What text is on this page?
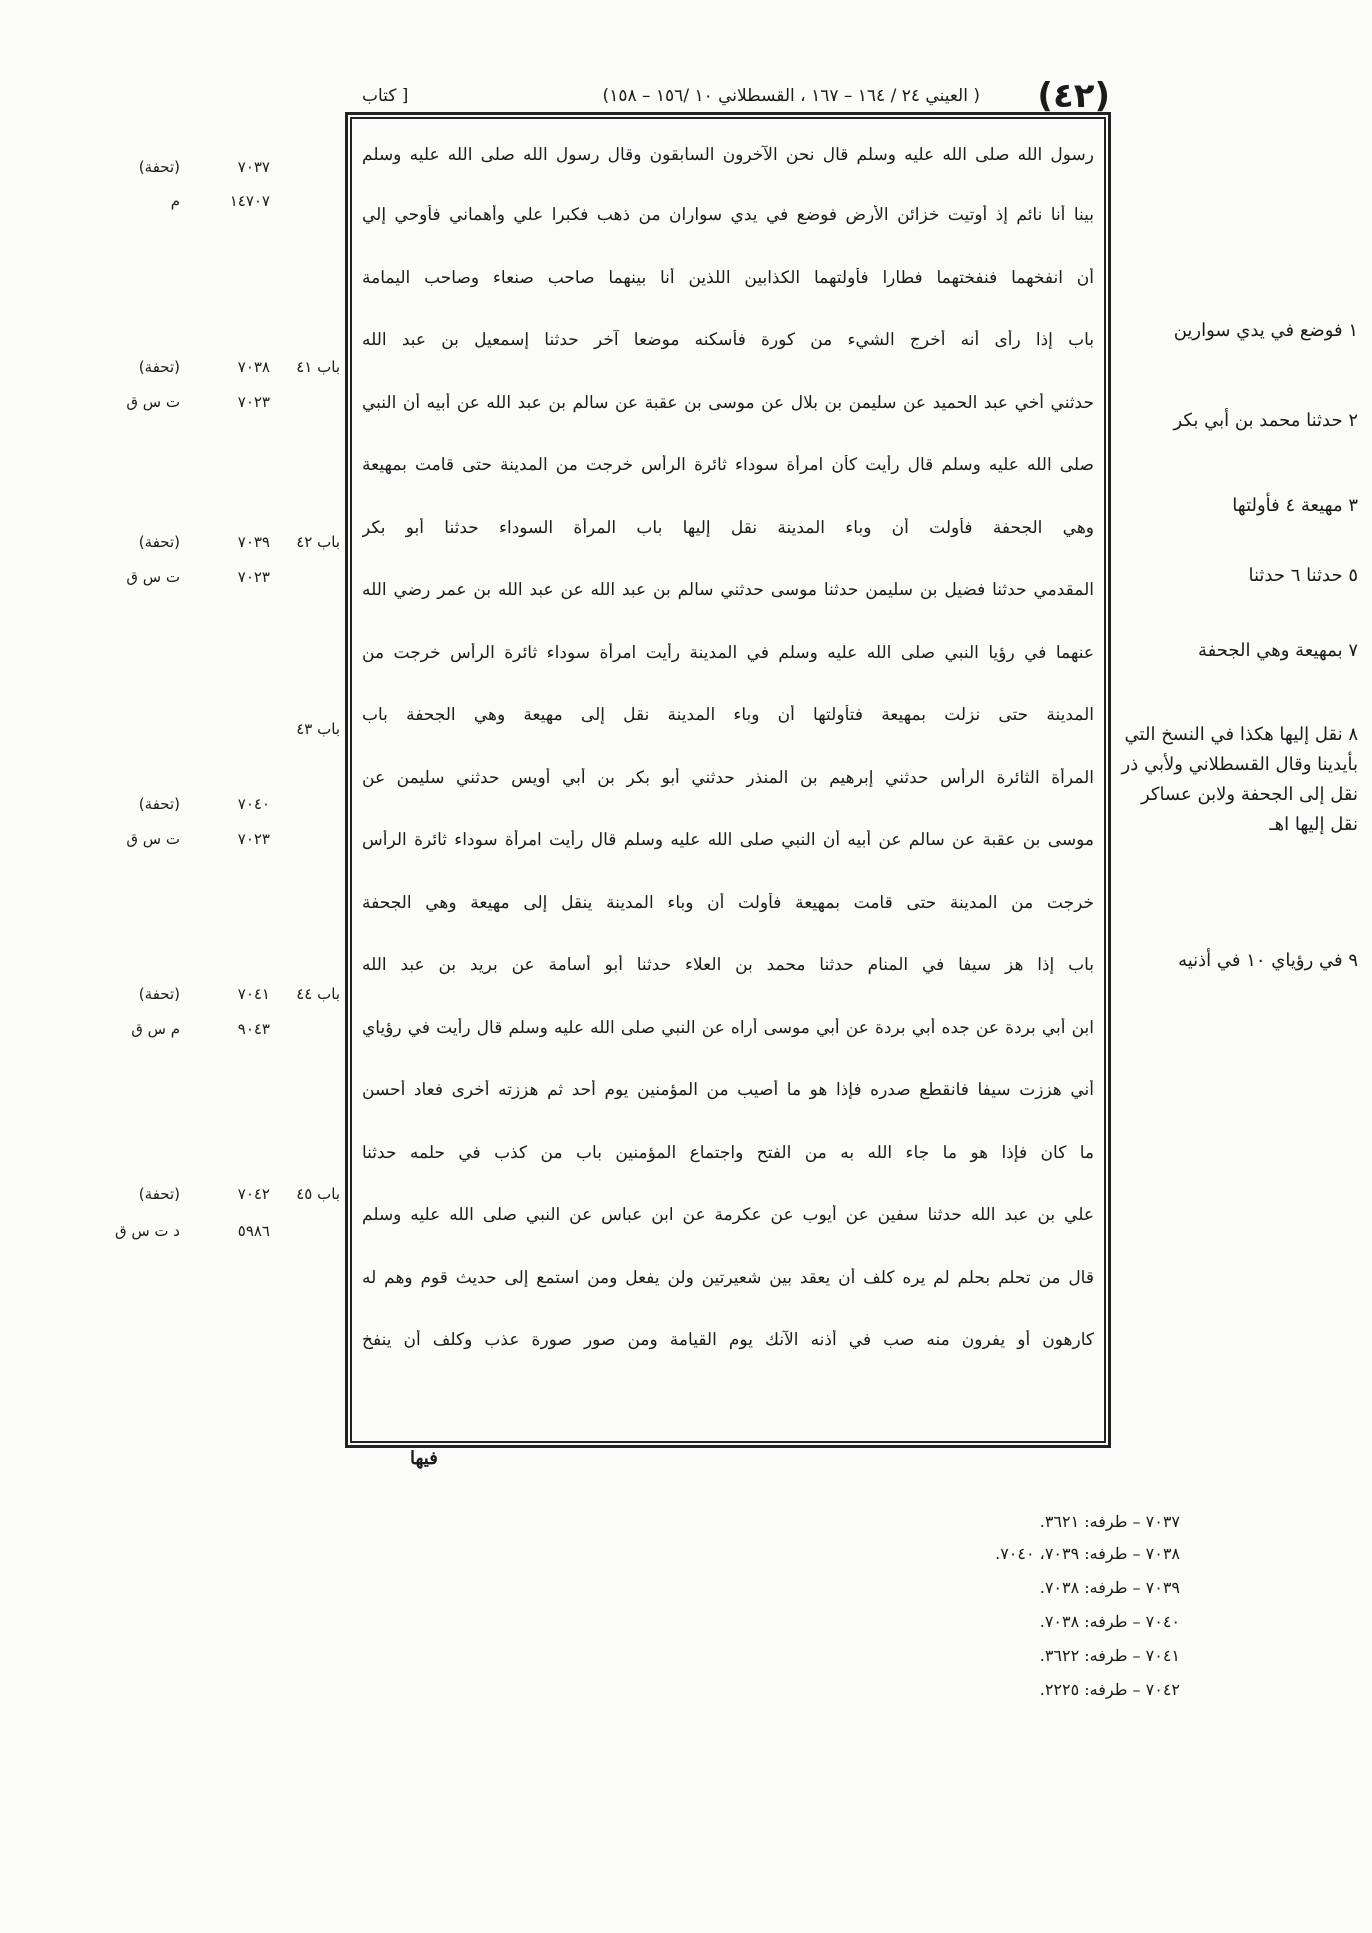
(٤٢)
( العيني ٢٤ / ١٦٤ – ١٦٧ ، القسطلاني ١٠ /١٥٦ – ١٥٨)
[ كتاب
رسول الله صلى الله عليه وسلم قال نحن الآخرون السابقون وقال رسول الله صلى الله عليه وسلم
بينا أنا نائم إذ أوتيت خزائن الأرض فوضع في يدي سواران من ذهب فكبرا علي وأهماني فأوحي إلي
أن انفخهما فنفختهما فطارا فأولتهما الكذابين اللذين أنا بينهما صاحب صنعاء وصاحب اليمامة
باب إذا رأى أنه أخرج الشيء من كورة فأسكنه موضعا آخر حدثنا إسمعيل بن عبد الله
حدثني أخي عبد الحميد عن سليمن بن بلال عن موسى بن عقبة عن سالم بن عبد الله عن أبيه أن النبي
صلى الله عليه وسلم قال رأيت كأن امرأة سوداء ثائرة الرأس خرجت من المدينة حتى قامت بمهيعة
وهي الجحفة فأولت أن وباء المدينة نقل إليها باب المرأة السوداء حدثنا أبو بكر
المقدمي حدثنا فضيل بن سليمن حدثنا موسى حدثني سالم بن عبد الله عن عبد الله بن عمر رضي الله
عنهما في رؤيا النبي صلى الله عليه وسلم في المدينة رأيت امرأة سوداء ثائرة الرأس خرجت من
المدينة حتى نزلت بمهيعة فتأولتها أن وباء المدينة نقل إلى مهيعة وهي الجحفة باب
المرأة الثائرة الرأس حدثني إبرهيم بن المنذر حدثني أبو بكر بن أبي أويس حدثني سليمن عن
موسى بن عقبة عن سالم عن أبيه أن النبي صلى الله عليه وسلم قال رأيت امرأة سوداء ثائرة الرأس
خرجت من المدينة حتى قامت بمهيعة فأولت أن وباء المدينة ينقل إلى مهيعة وهي الجحفة
باب إذا هز سيفا في المنام حدثنا محمد بن العلاء حدثنا أبو أسامة عن بريد بن عبد الله
ابن أبي بردة عن جده أبي بردة عن أبي موسى أراه عن النبي صلى الله عليه وسلم قال رأيت في رؤياي
أني هززت سيفا فانقطع صدره فإذا هو ما أصيب من المؤمنين يوم أحد ثم هززته أخرى فعاد أحسن
ما كان فإذا هو ما جاء الله به من الفتح واجتماع المؤمنين باب من كذب في حلمه حدثنا
علي بن عبد الله حدثنا سفين عن أيوب عن عكرمة عن ابن عباس عن النبي صلى الله عليه وسلم
قال من تحلم بحلم لم يره كلف أن يعقد بين شعيرتين ولن يفعل ومن استمع إلى حديث قوم وهم له
كارهون أو يفرون منه صب في أذنه الآنك يوم القيامة ومن صور صورة عذب وكلف أن ينفخ
١ فوضع في يدي سوارين
٢ حدثنا محمد بن أبي بكر
٣ مهيعة ٤ فأولتها
٥ حدثنا ٦ حدثنا
٧ بمهيعة وهي الجحفة
٨ نقل إليها هكذا في النسخ التي بأيدينا وقال القسطلاني ولأبي ذر نقل إلى الجحفة ولابن عساكر نقل إليها اهـ
٩ في رؤياي ١٠ في أذنيه
٧٠٣٧
(تحفة)
١٤٧٠٧
م
باب ٤١
٧٠٣٨
(تحفة)
٧٠٢٣
ت س ق
باب ٤٢
٧٠٣٩
(تحفة)
٧٠٢٣
ت س ق
باب ٤٣
٧٠٤٠
(تحفة)
٧٠٢٣
ت س ق
باب ٤٤
٧٠٤١
(تحفة)
٩٠٤٣
م س ق
باب ٤٥
٧٠٤٢
(تحفة)
٥٩٨٦
د ت س ق
فيها
٧٠٣٧ – طرفه: ٣٦٢١.
٧٠٣٨ – طرفه: ٧٠٣٩، ٧٠٤٠.
٧٠٣٩ – طرفه: ٧٠٣٨.
٧٠٤٠ – طرفه: ٧٠٣٨.
٧٠٤١ – طرفه: ٣٦٢٢.
٧٠٤٢ – طرفه: ٢٢٢٥.
